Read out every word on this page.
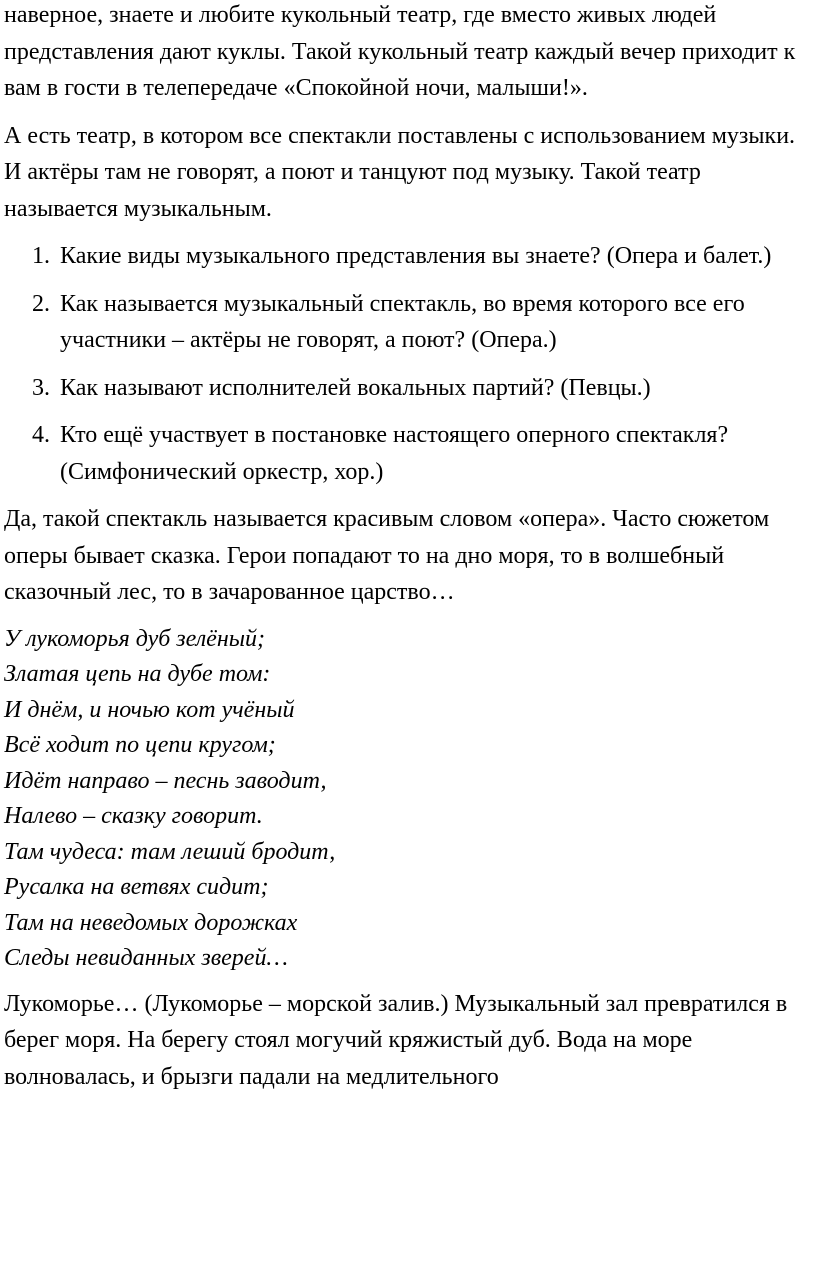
наверное, знаете и любите кукольный театр, где вместо живых людей представления дают куклы. Такой кукольный театр каждый вечер приходит к вам в гости в телепередаче «Спокойной ночи, малыши!».

А есть театр, в котором все спектакли поставлены с использованием музыки. И актёры там не говорят, а поют и танцуют под музыку. Такой театр называется музыкальным.

1. Какие виды музыкального представления вы знаете? (Опера и балет.)
2. Как называется музыкальный спектакль, во время которого все его участники – актёры не говорят, а поют? (Опера.)
3. Как называют исполнителей вокальных партий? (Певцы.)
4. Кто ещё участвует в постановке настоящего оперного спектакля? (Симфонический оркестр, хор.)

Да, такой спектакль называется красивым словом «опера». Часто сюжетом оперы бывает сказка. Герои попадают то на дно моря, то в волшебный сказочный лес, то в зачарованное царство…

У лукоморья дуб зелёный;
Златая цепь на дубе том:
И днём, и ночью кот учёный
Всё ходит по цепи кругом;
Идёт направо – песнь заводит,
Налево – сказку говорит.
Там чудеса: там леший бродит,
Русалка на ветвях сидит;
Там на неведомых дорожках
Следы невиданных зверей…

Лукоморье… (Лукоморье – морской залив.) Музыкальный зал превратился в берег моря. На берегу стоял могучий кряжистый дуб. Вода на море волновалась, и брызги падали на медлительного
